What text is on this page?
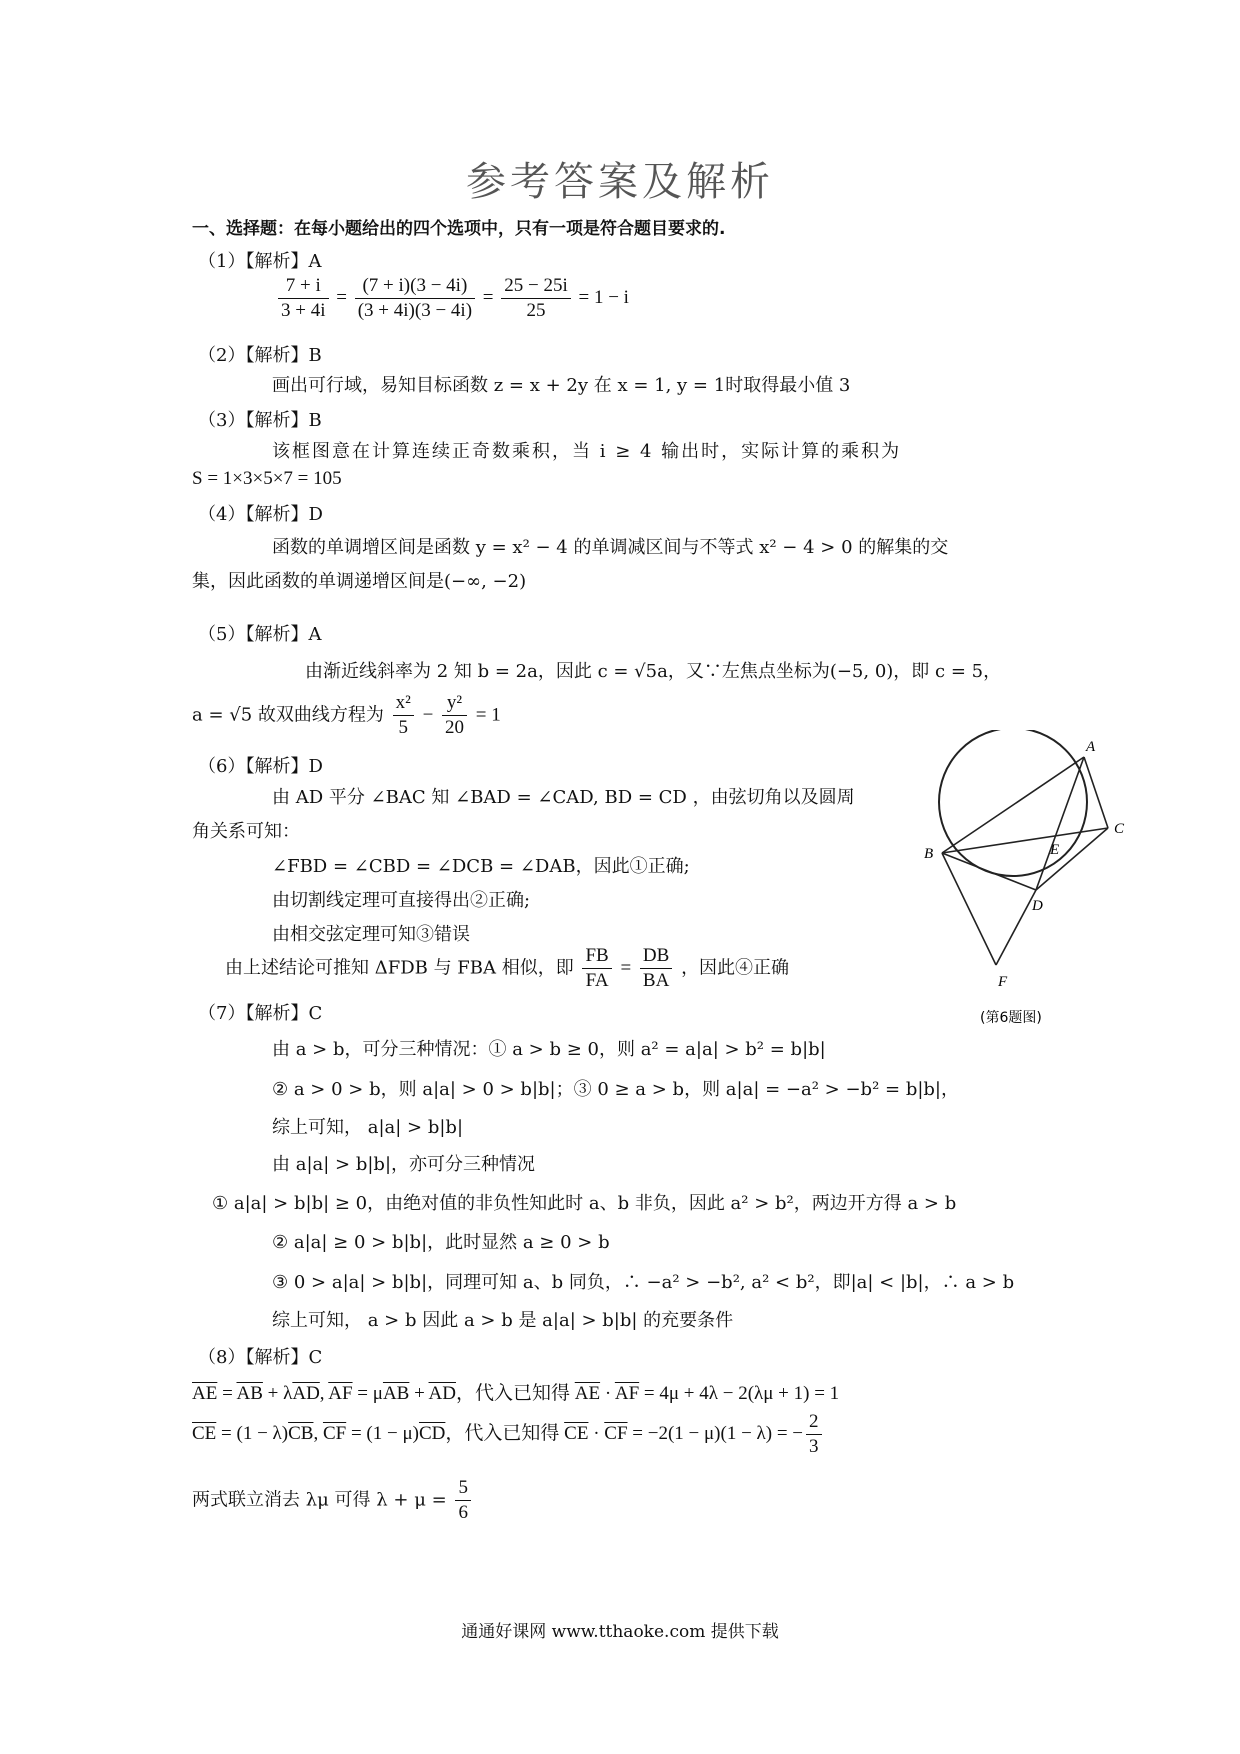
参考答案及解析
一、选择题：在每小题给出的四个选项中，只有一项是符合题目要求的.
（1）【解析】A
$\frac{7 + i}{3 + 4i} = \frac{(7 + i)(3 - 4i)}{(3 + 4i)(3 - 4i)} = \frac{25 - 25i}{25} = 1 - i$
（2）【解析】B
画出可行域，易知目标函数 z = x + 2y 在 x = 1, y = 1时取得最小值 3
（3）【解析】B
该框图意在计算连续正奇数乘积，当 i ≥ 4 输出时，实际计算的乘积为
S = 1×3×5×7 = 105
（4）【解析】D
函数的单调增区间是函数 y = x² − 4 的单调减区间与不等式 x² − 4 > 0 的解集的交
集，因此函数的单调递增区间是(−∞, −2)
（5）【解析】A
由渐近线斜率为 2 知 b = 2a，因此 c = √5a，又∵左焦点坐标为(−5, 0)，即 c = 5，
a = √5 故双曲线方程为 $\frac{\text{x²}}{5} - \frac{\text{y²}}{20} = 1$
（6）【解析】D
由 AD 平分 ∠BAC 知 ∠BAD = ∠CAD, BD = CD ，由弦切角以及圆周
角关系可知：
∠FBD = ∠CBD = ∠DCB = ∠DAB，因此①正确;
由切割线定理可直接得出②正确;
由相交弦定理可知③错误
由上述结论可推知 ΔFDB 与 FBA 相似，即 $\frac{FB}{FA} = \frac{DB}{BA}$ ，因此④正确
A
B
C
D
E
F
(第6题图)
（7）【解析】C
由 a > b，可分三种情况：① a > b ≥ 0，则 a² = a|a| > b² = b|b|
② a > 0 > b，则 a|a| > 0 > b|b|；③ 0 ≥ a > b，则 a|a| = −a² > −b² = b|b|，
综上可知， a|a| > b|b|
由 a|a| > b|b|，亦可分三种情况
① a|a| > b|b| ≥ 0，由绝对值的非负性知此时 a、b 非负，因此 a² > b²，两边开方得 a > b
② a|a| ≥ 0 > b|b|，此时显然 a ≥ 0 > b
③ 0 > a|a| > b|b|，同理可知 a、b 同负，∴ −a² > −b², a² < b²，即|a| < |b|，∴ a > b
综上可知， a > b 因此 a > b 是 a|a| > b|b| 的充要条件
（8）【解析】C
$\overline{AE} = \overline{AB} + \lambda\overline{AD}$, $\overline{AF} = \mu\overline{AB} + \overline{AD}$，代入已知得 $\overline{AE} \cdot \overline{AF} = 4\mu + 4\lambda - 2(\lambda\mu + 1) = 1$
$\overline{CE} = (1 - \lambda)\overline{CB}$, $\overline{CF} = (1 - \mu)\overline{CD}$，代入已知得 $\overline{CE} \cdot \overline{CF} = -2(1 - \mu)(1 - \lambda)$ = − $\frac{2}{3}$
两式联立消去 λμ 可得 $\lambda + \mu = \frac{5}{6}$
通通好课网 www.tthaoke.com 提供下载
